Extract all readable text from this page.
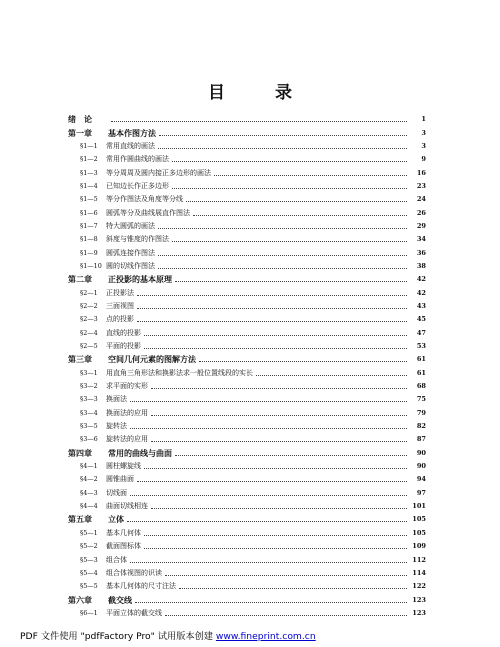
目 录
绪　论	1
第一章	基本作图方法	3
§1—1	常用直线的画法	3
§1—2	常用作圆曲线的画法	9
§1—3	等分周周及圆内接正多边形的画法	16
§1—4	已知边长作正多边形	23
§1—5	等分作图法及角度等分线	24
§1—6	圆弧等分及曲线展直作图法	26
§1—7	特大圆弧的画法	29
§1—8	斜度与锥度的作图法	34
§1—9	圆弧连接作图法	36
§1—10 圆的切线作图法	38
第二章	正投影的基本原理	42
§2—1	正投影法	42
§2—2	三面视图	43
§2—3	点的投影	45
§2—4	直线的投影	47
§2—5	平面的投影	53
第三章	空间几何元素的图解方法	61
§3—1	用直角三角形法和换影法求一般位置线段的实长	61
§3—2	求平面的实形	68
§3—3	换面法	75
§3—4	换面法的应用	79
§3—5	旋转法	82
§3—6	旋转法的应用	87
第四章	常用的曲线与曲面	90
§4—1	圆柱螺旋线	90
§4—2	圆锥曲面	94
§4—3	切线面	97
§4—4	曲面切线相连	101
第五章	立体	105
§5—1	基本几何体	105
§5—2	截面图标体	109
§5—3	组合体	112
§5—4	组合体视图的识读	114
§5—5	基本几何体的尺寸注法	122
第六章	截交线	123
§6—1	平面立体的截交线	123
PDF 文件使用 "pdfFactory Pro" 试用版本创建 www.fineprint.com.cn
